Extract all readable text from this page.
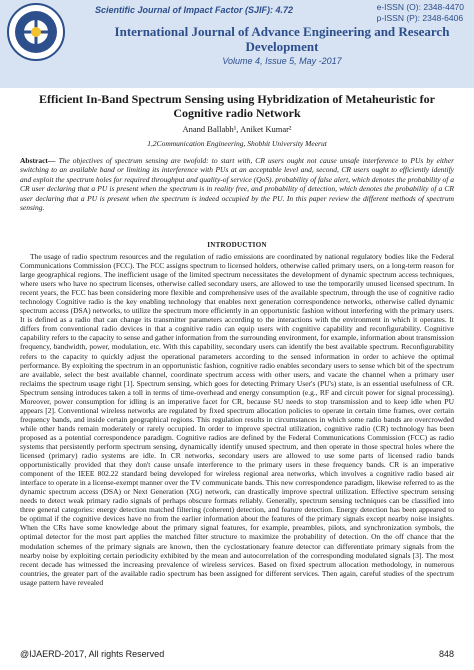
Scientific Journal of Impact Factor (SJIF): 4.72	e-ISSN (O): 2348-4470
p-ISSN (P): 2348-6406
International Journal of Advance Engineering and Research Development
Volume 4, Issue 5, May -2017
Efficient In-Band Spectrum Sensing using Hybridization of Metaheuristic for Cognitive radio Network
Anand Ballabh¹, Aniket Kumar²
1,2Communication Engineering, Shobhit University Meerut
Abstract— The objectives of spectrum sensing are twofold: to start with, CR users ought not cause unsafe interference to PUs by either switching to an available band or limiting its interference with PUs at an acceptable level and, second, CR users ought to efficiently identify and exploit the spectrum holes for required throughput and quality-of service (QoS). probability of false alert, which denotes the probability of a CR user declaring that a PU is present when the spectrum is in reality free, and probability of detection, which denotes the probability of a CR user declaring that a PU is present when the spectrum is indeed occupied by the PU. In this paper review the different methods of spectrum sensing.
INTRODUCTION
The usage of radio spectrum resources and the regulation of radio emissions are coordinated by national regulatory bodies like the Federal Communications Commission (FCC). The FCC assigns spectrum to licensed holders, otherwise called primary users, on a long-term reason for large geographical regions. The inefficient usage of the limited spectrum necessitates the development of dynamic spectrum access techniques, where users who have no spectrum licenses, otherwise called secondary users, are allowed to use the temporarily unused licensed spectrum. In recent years, the FCC has been considering more flexible and comprehensive uses of the available spectrum, through the use of cognitive radio technology Cognitive radio is the key enabling technology that enables next generation correspondence networks, otherwise called dynamic spectrum access (DSA) networks, to utilize the spectrum more efficiently in an opportunistic fashion without interfering with the primary users. It is defined as a radio that can change its transmitter parameters according to the interactions with the environment in which it operates. It differs from conventional radio devices in that a cognitive radio can equip users with cognitive capability and reconfigurability. Cognitive capability refers to the capacity to sense and gather information from the surrounding environment, for example, information about transmission frequency, bandwidth, power, modulation, etc. With this capability, secondary users can identify the best available spectrum. Reconfigurability refers to the capacity to quickly adjust the operational parameters according to the sensed information in order to achieve the optimal performance. By exploiting the spectrum in an opportunistic fashion, cognitive radio enables secondary users to sense which bit of the spectrum are available, select the best available channel, coordinate spectrum access with other users, and vacate the channel when a primary user reclaims the spectrum usage right [1]. Spectrum sensing, which goes for detecting Primary User's (PU's) state, is an essential usefulness of CR. Spectrum sensing introduces taken a toll in terms of time-overhead and energy consumption (e.g., RF and circuit power for signal processing). Moreover, power consumption for idling is an imperative facet for CR, because SU needs to stop transmission and to keep idle when PU appears [2]. Conventional wireless networks are regulated by fixed spectrum allocation policies to operate in certain time frames, over certain frequency bands, and inside certain geographical regions. This regulation results in circumstances in which some radio bands are overcrowded while other bands remain moderately or rarely occupied. In order to improve spectral utilization, cognitive radio (CR) technology has been proposed as a potential correspondence paradigm. Cognitive radios are defined by the Federal Communications Commission (FCC) as radio systems that persistently perform spectrum sensing, dynamically identify unused spectrum, and then operate in those spectral holes where the licensed (primary) radio systems are idle. In CR networks, secondary users are allowed to use some parts of licensed radio bands opportunistically provided that they don't cause unsafe interference to the primary users in these frequency bands. CR is an imperative component of the IEEE 802.22 standard being developed for wireless regional area networks, which involves a cognitive radio based air interface to operate in a license-exempt manner over the TV communicate bands. This new correspondence paradigm, likewise referred to as the dynamic spectrum access (DSA) or Next Generation (XG) network, can drastically improve spectral utilization. Effective spectrum sensing needs to detect weak primary radio signals of perhaps obscure formats reliably. Generally, spectrum sensing techniques can be classified into three general categories: energy detection matched filtering (coherent) detection, and feature detection. Energy detection has been appeared to be optimal if the cognitive devices have no from the earlier information about the features of the primary signals except nearby noise insights. When the CRs have some knowledge about the primary signal features, for example, preambles, pilots, and synchronization symbols, the optimal detector for the most part applies the matched filter structure to maximize the probability of detection. On the off chance that the modulation schemes of the primary signals are known, then the cyclostationary feature detector can differentiate primary signals from the nearby noise by exploiting certain periodicity exhibited by the mean and autocorrelation of the corresponding modulated signals [3]. The most recent decade has witnessed the increasing prevalence of wireless services. Based on fixed spectrum allocation methodology, in numerous countries, the greater part of the available radio spectrum has been assigned for different services. Then again, careful studies of the spectrum usage pattern have revealed
@IJAERD-2017, All rights Reserved	848
